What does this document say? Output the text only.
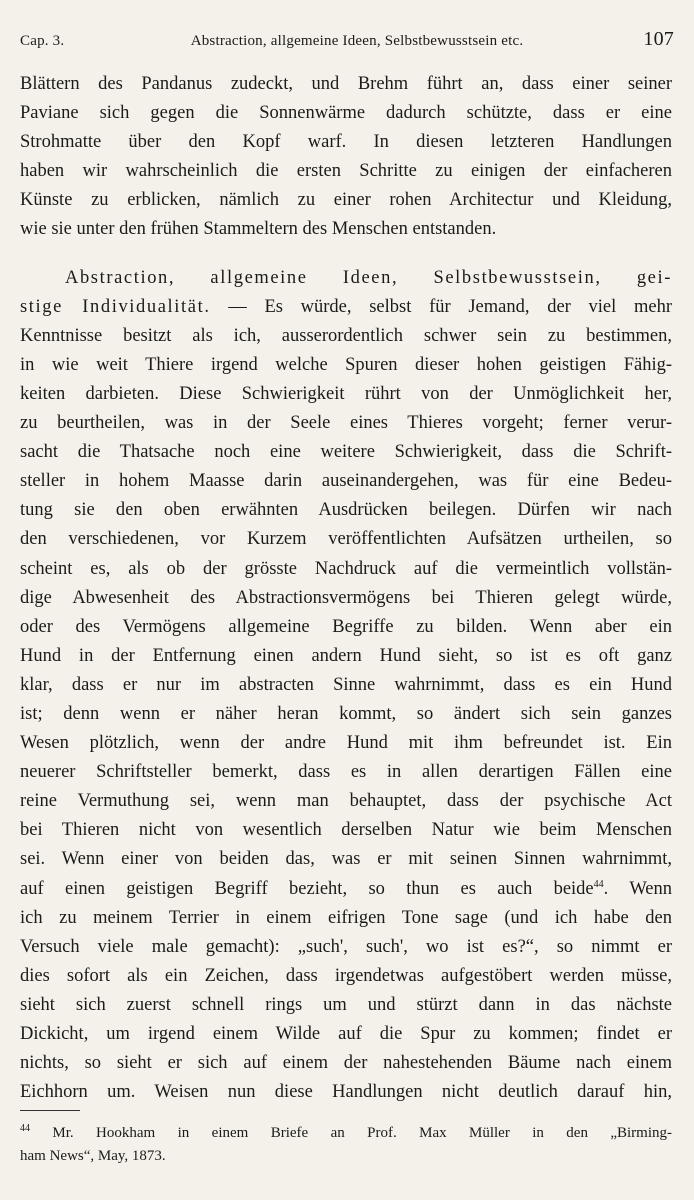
Cap. 3.	Abstraction, allgemeine Ideen, Selbstbewusstsein etc.	107
Blättern des Pandanus zudeckt, und Brehm führt an, dass einer seiner
Paviane sich gegen die Sonnenwärme dadurch schützte, dass er eine
Strohmatte über den Kopf warf. In diesen letzteren Handlungen
haben wir wahrscheinlich die ersten Schritte zu einigen der einfacheren
Künste zu erblicken, nämlich zu einer rohen Architectur und Kleidung,
wie sie unter den frühen Stammeltern des Menschen entstanden.
Abstraction, allgemeine Ideen, Selbstbewusstsein, gei-
stige Individualität. — Es würde, selbst für Jemand, der viel mehr
Kenntnisse besitzt als ich, ausserordentlich schwer sein zu bestimmen,
in wie weit Thiere irgend welche Spuren dieser hohen geistigen Fähig-
keiten darbieten. Diese Schwierigkeit rührt von der Unmöglichkeit her,
zu beurtheilen, was in der Seele eines Thieres vorgeht; ferner verur-
sacht die Thatsache noch eine weitere Schwierigkeit, dass die Schrift-
steller in hohem Maasse darin auseinandergehen, was für eine Bedeu-
tung sie den oben erwähnten Ausdrücken beilegen. Dürfen wir nach
den verschiedenen, vor Kurzem veröffentlichten Aufsätzen urtheilen, so
scheint es, als ob der grösste Nachdruck auf die vermeintlich vollstän-
dige Abwesenheit des Abstractionsvermögens bei Thieren gelegt würde,
oder des Vermögens allgemeine Begriffe zu bilden. Wenn aber ein
Hund in der Entfernung einen andern Hund sieht, so ist es oft ganz
klar, dass er nur im abstracten Sinne wahrnimmt, dass es ein Hund
ist; denn wenn er näher heran kommt, so ändert sich sein ganzes
Wesen plötzlich, wenn der andre Hund mit ihm befreundet ist. Ein
neuerer Schriftsteller bemerkt, dass es in allen derartigen Fällen eine
reine Vermuthung sei, wenn man behauptet, dass der psychische Act
bei Thieren nicht von wesentlich derselben Natur wie beim Menschen
sei. Wenn einer von beiden das, was er mit seinen Sinnen wahrnimmt,
auf einen geistigen Begriff bezieht, so thun es auch beide$^{44}$. Wenn
ich zu meinem Terrier in einem eifrigen Tone sage (und ich habe den
Versuch viele male gemacht): „such', such', wo ist es?“, so nimmt er
dies sofort als ein Zeichen, dass irgendetwas aufgestöbert werden müsse,
sieht sich zuerst schnell rings um und stürzt dann in das nächste
Dickicht, um irgend einem Wilde auf die Spur zu kommen; findet er
nichts, so sieht er sich auf einem der nahestehenden Bäume nach einem
Eichhorn um. Weisen nun diese Handlungen nicht deutlich darauf hin,
$^{44}$ Mr. Hookham in einem Briefe an Prof. Max Müller in den „Birming-
ham News“, May, 1873.
